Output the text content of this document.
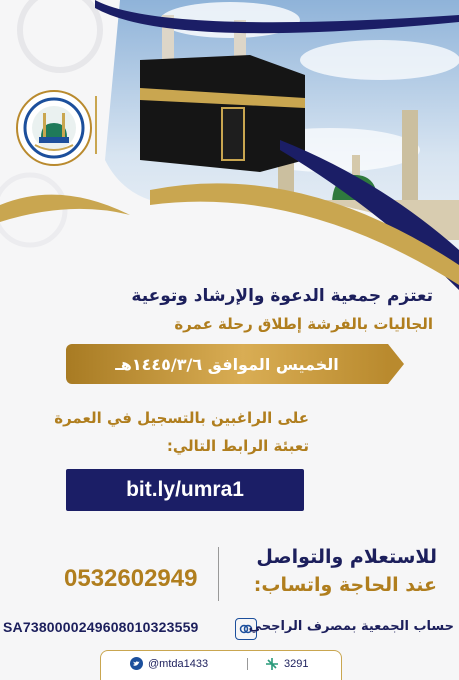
تعتزم جمعية الدعوة والإرشاد وتوعية
الجاليات بالفرشة إطلاق رحلة عمرة
الخميس الموافق ١٤٤٥/٣/٦هـ
على الراغبين بالتسجيل في العمرة
تعبئة الرابط التالي:
bit.ly/umra1
0532602949
للاستعلام والتواصل
عند الحاجة واتساب:
SA7380000249608010323559	حساب الجمعية بمصرف الراجحي
@mtda1433	3291
